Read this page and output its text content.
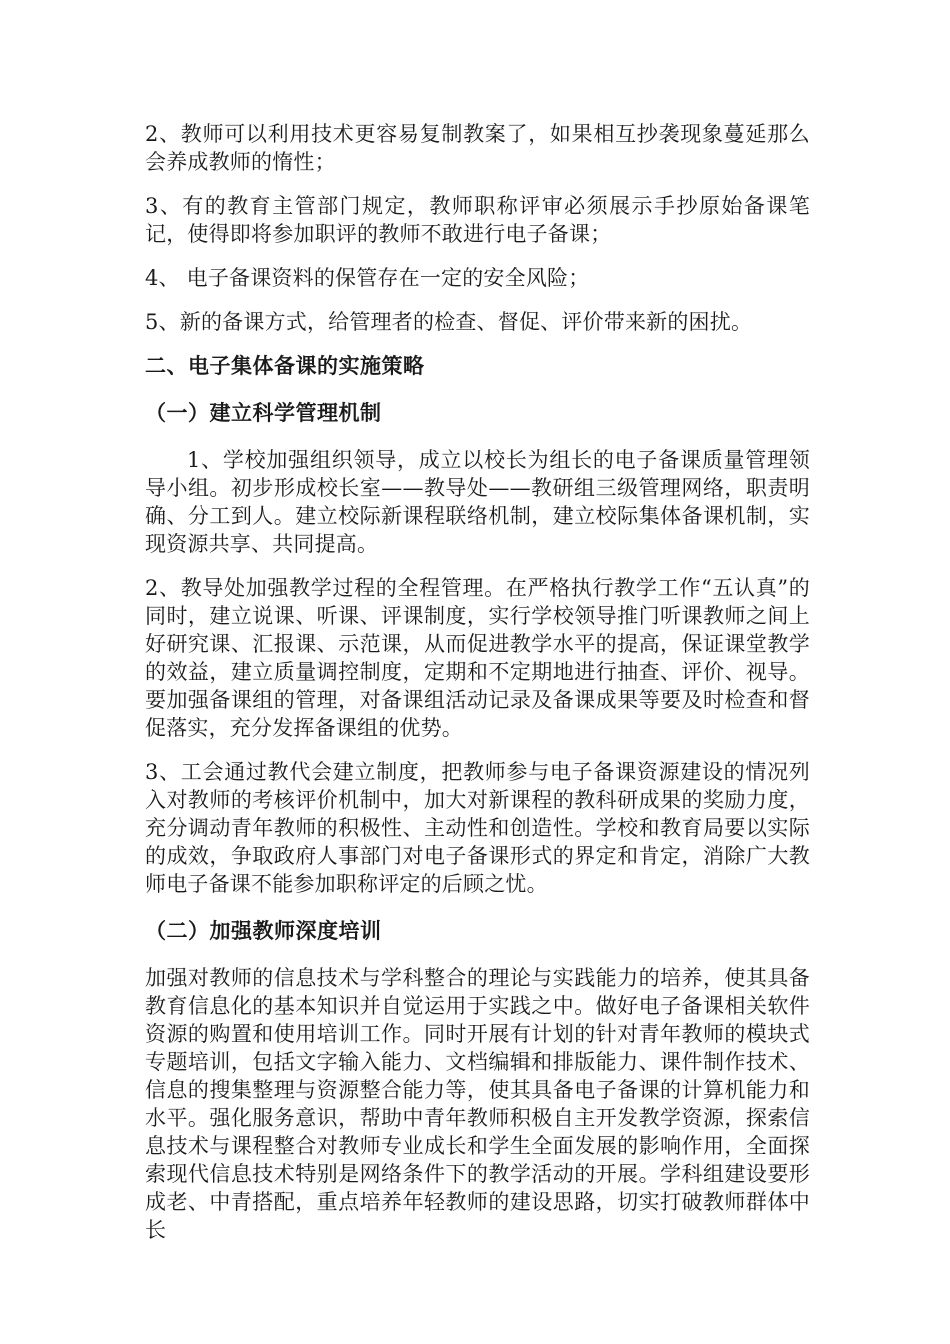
2、教师可以利用技术更容易复制教案了，如果相互抄袭现象蔓延那么会养成教师的惰性；

3、有的教育主管部门规定，教师职称评审必须展示手抄原始备课笔记，使得即将参加职评的教师不敢进行电子备课；

4、 电子备课资料的保管存在一定的安全风险；

5、新的备课方式，给管理者的检查、督促、评价带来新的困扰。

二、电子集体备课的实施策略
（一）建立科学管理机制

1、学校加强组织领导，成立以校长为组长的电子备课质量管理领导小组。初步形成校长室——教导处——教研组三级管理网络，职责明确、分工到人。建立校际新课程联络机制，建立校际集体备课机制，实现资源共享、共同提高。

2、教导处加强教学过程的全程管理。在严格执行教学工作“五认真”的同时，建立说课、听课、评课制度，实行学校领导推门听课教师之间上好研究课、汇报课、示范课，从而促进教学水平的提高，保证课堂教学的效益，建立质量调控制度，定期和不定期地进行抽查、评价、视导。要加强备课组的管理，对备课组活动记录及备课成果等要及时检查和督促落实，充分发挥备课组的优势。

3、工会通过教代会建立制度，把教师参与电子备课资源建设的情况列入对教师的考核评价机制中，加大对新课程的教科研成果的奖励力度，充分调动青年教师的积极性、主动性和创造性。学校和教育局要以实际的成效，争取政府人事部门对电子备课形式的界定和肯定，消除广大教师电子备课不能参加职称评定的后顾之忧。

（二）加强教师深度培训

加强对教师的信息技术与学科整合的理论与实践能力的培养，使其具备教育信息化的基本知识并自觉运用于实践之中。做好电子备课相关软件资源的购置和使用培训工作。同时开展有计划的针对青年教师的模块式专题培训，包括文字输入能力、文档编辑和排版能力、课件制作技术、信息的搜集整理与资源整合能力等，使其具备电子备课的计算机能力和水平。强化服务意识，帮助中青年教师积极自主开发教学资源，探索信息技术与课程整合对教师专业成长和学生全面发展的影响作用，全面探索现代信息技术特别是网络条件下的教学活动的开展。学科组建设要形成老、中青搭配，重点培养年轻教师的建设思路，切实打破教师群体中长
